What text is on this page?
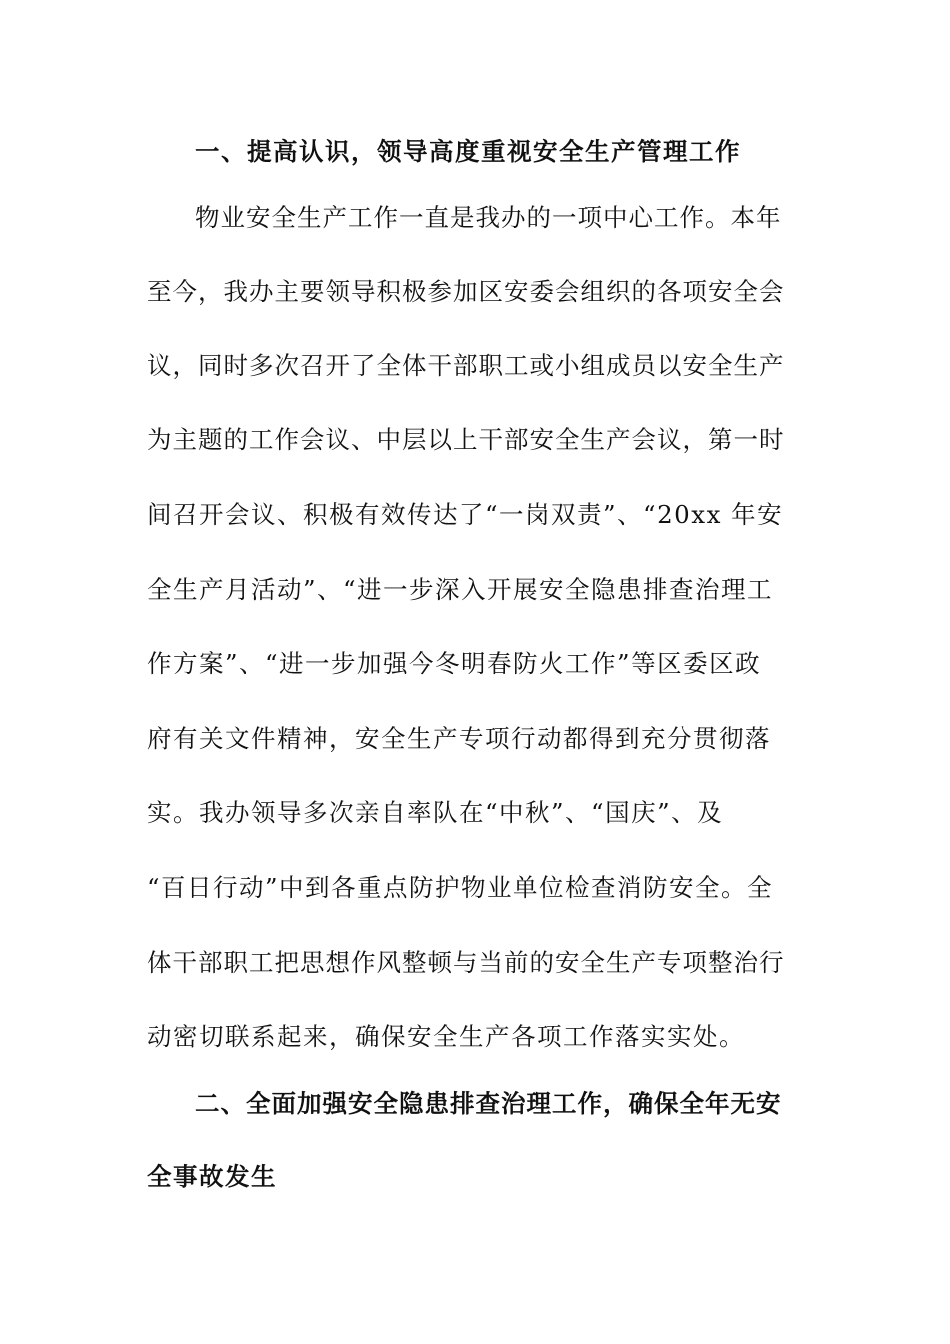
一、提高认识，领导高度重视安全生产管理工作
物业安全生产工作一直是我办的一项中心工作。本年
至今，我办主要领导积极参加区安委会组织的各项安全会
议，同时多次召开了全体干部职工或小组成员以安全生产
为主题的工作会议、中层以上干部安全生产会议，第一时
间召开会议、积极有效传达了“一岗双责”、“20xx 年安
全生产月活动”、“进一步深入开展安全隐患排查治理工
作方案”、“进一步加强今冬明春防火工作”等区委区政
府有关文件精神，安全生产专项行动都得到充分贯彻落
实。我办领导多次亲自率队在“中秋”、“国庆”、及
“百日行动”中到各重点防护物业单位检查消防安全。全
体干部职工把思想作风整顿与当前的安全生产专项整治行
动密切联系起来，确保安全生产各项工作落实实处。
二、全面加强安全隐患排查治理工作，确保全年无安
全事故发生
